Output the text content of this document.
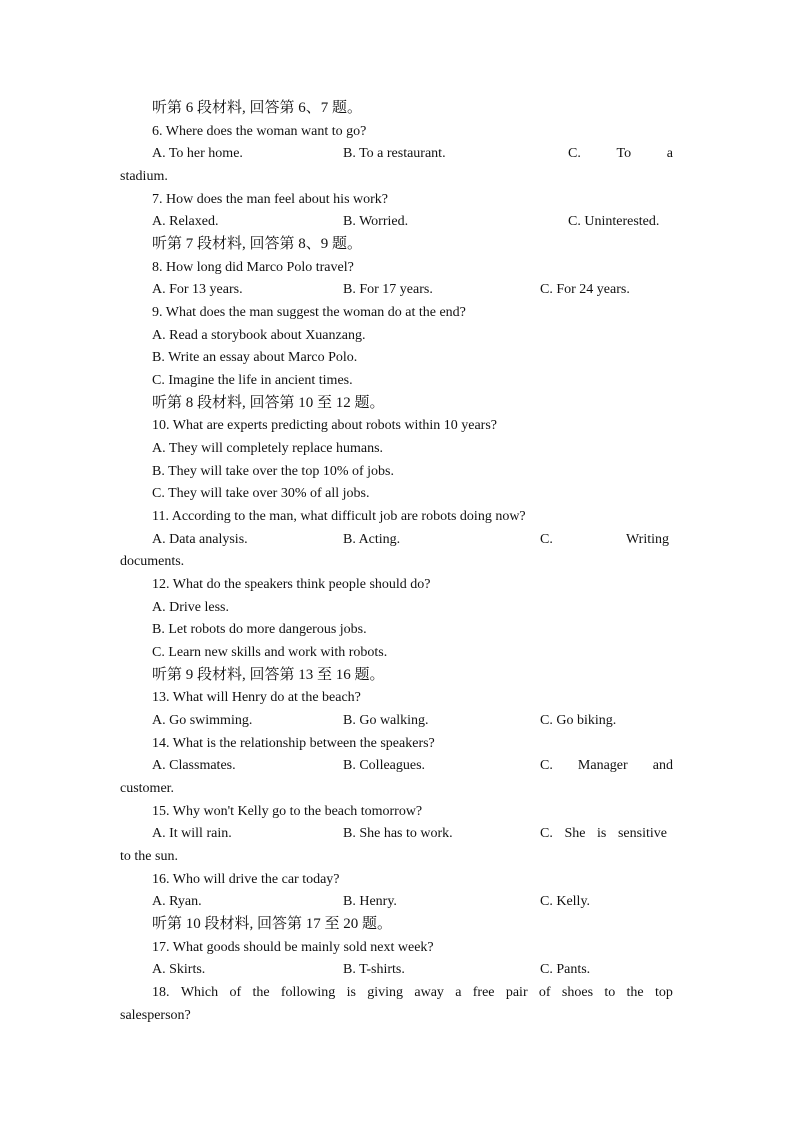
听第 6 段材料, 回答第 6、7 题。
6. Where does the woman want to go?
A. To her home.	B. To a restaurant.	C.	To	a
stadium.
7. How does the man feel about his work?
A. Relaxed.	B. Worried.	C. Uninterested.
听第 7 段材料, 回答第 8、9 题。
8. How long did Marco Polo travel?
A. For 13 years.	B. For 17 years.	C. For 24 years.
9. What does the man suggest the woman do at the end?
A. Read a storybook about Xuanzang.
B. Write an essay about Marco Polo.
C. Imagine the life in ancient times.
听第 8 段材料, 回答第 10 至 12 题。
10. What are experts predicting about robots within 10 years?
A. They will completely replace humans.
B. They will take over the top 10% of jobs.
C. They will take over 30% of all jobs.
11. According to the man, what difficult job are robots doing now?
A. Data analysis.	B. Acting.	C.	Writing
documents.
12. What do the speakers think people should do?
A. Drive less.
B. Let robots do more dangerous jobs.
C. Learn new skills and work with robots.
听第 9 段材料, 回答第 13 至 16 题。
13. What will Henry do at the beach?
A. Go swimming.	B. Go walking.	C. Go biking.
14. What is the relationship between the speakers?
A. Classmates.	B. Colleagues.	C. Manager and
customer.
15. Why won't Kelly go to the beach tomorrow?
A. It will rain.	B. She has to work.	C. She is sensitive
to the sun.
16. Who will drive the car today?
A. Ryan.	B. Henry.	C. Kelly.
听第 10 段材料, 回答第 17 至 20 题。
17. What goods should be mainly sold next week?
A. Skirts.	B. T-shirts.	C. Pants.
18. Which of the following is giving away a free pair of shoes to the top
salesperson?
